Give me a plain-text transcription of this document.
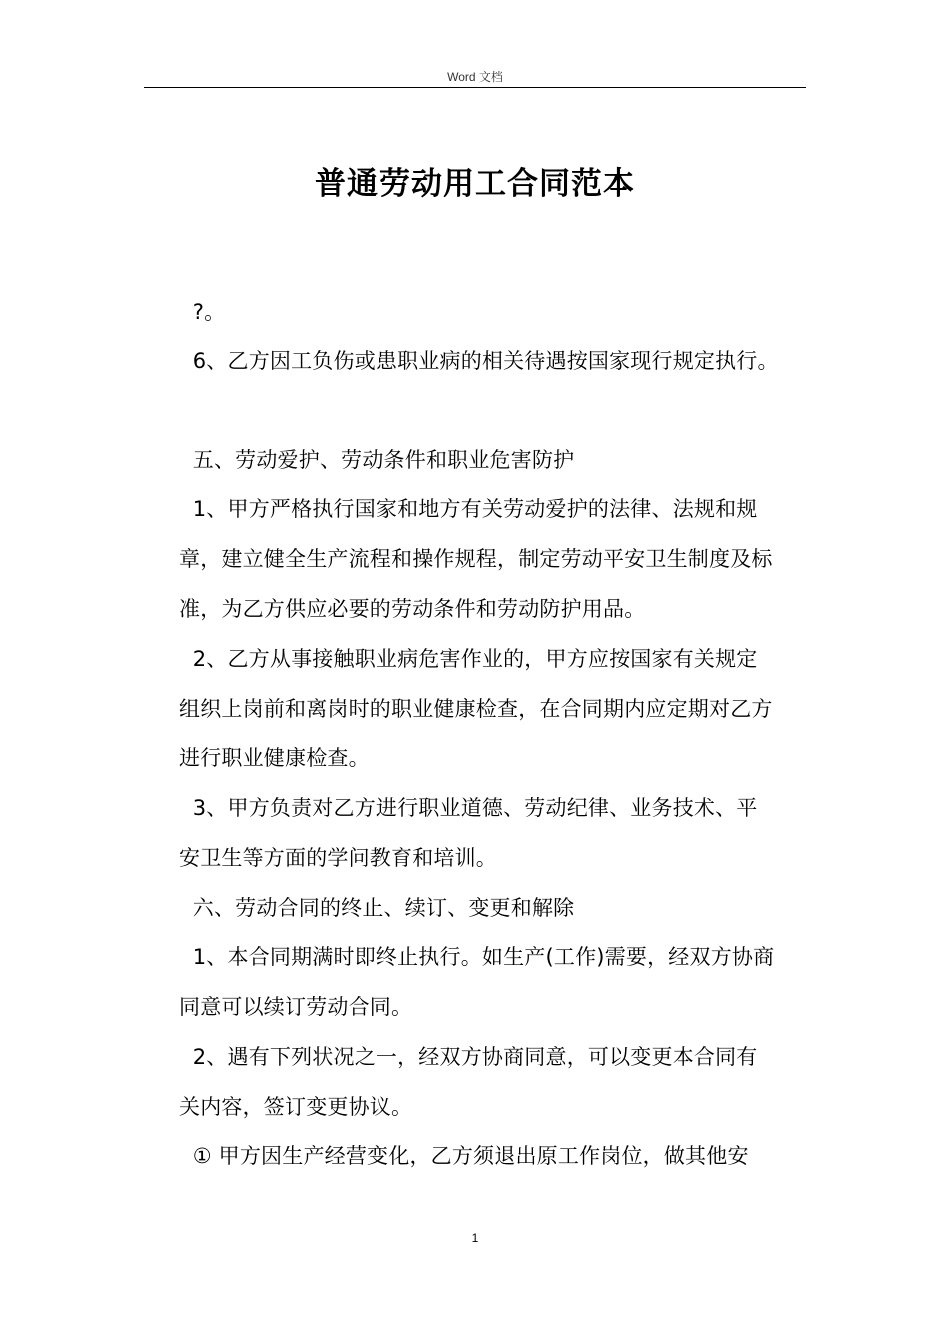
Word 文档
普通劳动用工合同范本
?。
6、乙方因工负伤或患职业病的相关待遇按国家现行规定执行。
五、劳动爱护、劳动条件和职业危害防护
1、甲方严格执行国家和地方有关劳动爱护的法律、法规和规
章，建立健全生产流程和操作规程，制定劳动平安卫生制度及标
准，为乙方供应必要的劳动条件和劳动防护用品。
2、乙方从事接触职业病危害作业的，甲方应按国家有关规定
组织上岗前和离岗时的职业健康检查，在合同期内应定期对乙方
进行职业健康检查。
3、甲方负责对乙方进行职业道德、劳动纪律、业务技术、平
安卫生等方面的学问教育和培训。
六、劳动合同的终止、续订、变更和解除
1、本合同期满时即终止执行。如生产(工作)需要，经双方协商
同意可以续订劳动合同。
2、遇有下列状况之一，经双方协商同意，可以变更本合同有
关内容，签订变更协议。
① 甲方因生产经营变化，乙方须退出原工作岗位，做其他安
1
